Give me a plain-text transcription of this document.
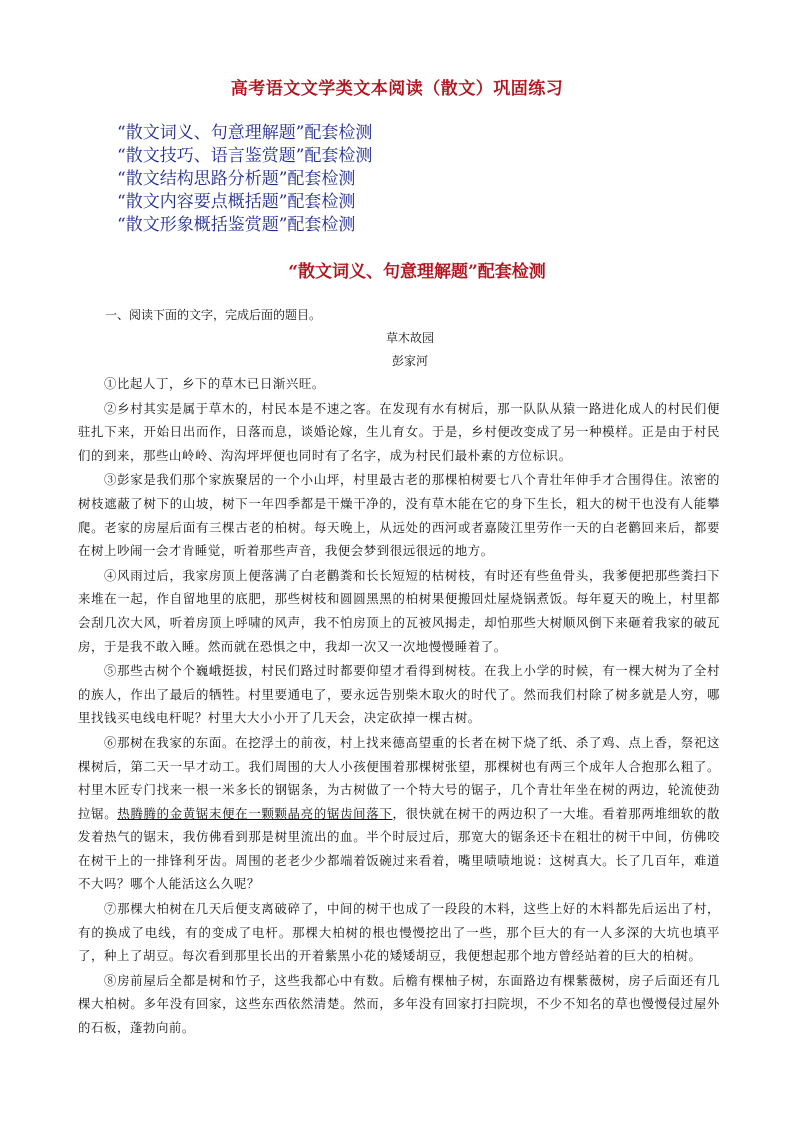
高考语文文学类文本阅读（散文）巩固练习
“散文词义、句意理解题”配套检测
“散文技巧、语言鉴赏题”配套检测
“散文结构思路分析题”配套检测
“散文内容要点概括题”配套检测
“散文形象概括鉴赏题”配套检测
“散文词义、句意理解题”配套检测
一、阅读下面的文字，完成后面的题目。
草木故园
彭家河

①比起人丁，乡下的草木已日渐兴旺。

②乡村其实是属于草木的，村民本是不速之客。在发现有水有树后，那一队队从猿一路进化成人的村民们便驻扎下来，开始日出而作，日落而息，谈婚论嫁，生儿育女。于是，乡村便改变成了另一种模样。正是由于村民们的到来，那些山岭岭、沟沟坪坪便也同时有了名字，成为村民们最朴素的方位标识。

③彭家是我们那个家族聚居的一个小山坪，村里最古老的那棵柏树要七八个青壮年伸手才合围得住。浓密的树枝遮蔽了树下的山坡，树下一年四季都是干燥干净的，没有草木能在它的身下生长，粗大的树干也没有人能攀爬。老家的房屋后面有三棵古老的柏树。每天晚上，从远处的西河或者嘉陵江里劳作一天的白老鹳回来后，都要在树上吵闹一会才肯睡觉，听着那些声音，我便会梦到很远很远的地方。

④风雨过后，我家房顶上便落满了白老鹳粪和长长短短的枯树枝，有时还有些鱼骨头，我爹便把那些粪扫下来堆在一起，作自留地里的底肥，那些树枝和圆圆黑黑的柏树果便搬回灶屋烧锅煮饭。每年夏天的晚上，村里都会刮几次大风，听着房顶上呼啸的风声，我不怕房顶上的瓦被风揭走，却怕那些大树顺风倒下来砸着我家的破瓦房，于是我不敢入睡。然而就在恐惧之中，我却一次又一次地慢慢睡着了。

⑤那些古树个个巍峨挺拔，村民们路过时都要仰望才看得到树枝。在我上小学的时候，有一棵大树为了全村的族人，作出了最后的牺牲。村里要通电了，要永远告别柴木取火的时代了。然而我们村除了树多就是人穷，哪里找钱买电线电杆呢？村里大大小小开了几天会，决定砍掉一棵古树。

⑥那树在我家的东面。在挖浮土的前夜，村上找来德高望重的长者在树下烧了纸、杀了鸡、点上香，祭祀这棵树后，第二天一早才动工。我们周围的大人小孩便围着那棵树张望，那棵树也有两三个成年人合抱那么粗了。村里木匠专门找来一根一米多长的钢锯条，为古树做了一个特大号的锯子，几个青壮年坐在树的两边，轮流使劲拉锯。热腾腾的金黄锯末便在一颗颗晶亮的锯齿间落下，很快就在树干的两边积了一大堆。看着那两堆细软的散发着热气的锯末，我仿佛看到那是树里流出的血。半个时辰过后，那宽大的锯条还卡在粗壮的树干中间，仿佛咬在树干上的一排锋利牙齿。周围的老老少少都端着饭碗过来看着，嘴里啧啧地说：这树真大。长了几百年，难道不大吗？哪个人能活这么久呢？

⑦那棵大柏树在几天后便支离破碎了，中间的树干也成了一段段的木料，这些上好的木料都先后运出了村，有的换成了电线，有的变成了电杆。那棵大柏树的根也慢慢挖出了一些，那个巨大的有一人多深的大坑也填平了，种上了胡豆。每次看到那里长出的开着紫黑小花的矮矮胡豆，我便想起那个地方曾经站着的巨大的柏树。

⑧房前屋后全都是树和竹子，这些我都心中有数。后檐有棵柚子树，东面路边有棵紫薇树，房子后面还有几棵大柏树。多年没有回家，这些东西依然清楚。然而，多年没有回家打扫院坝，不少不知名的草也慢慢侵过屋外的石板，蓬勃向前。
